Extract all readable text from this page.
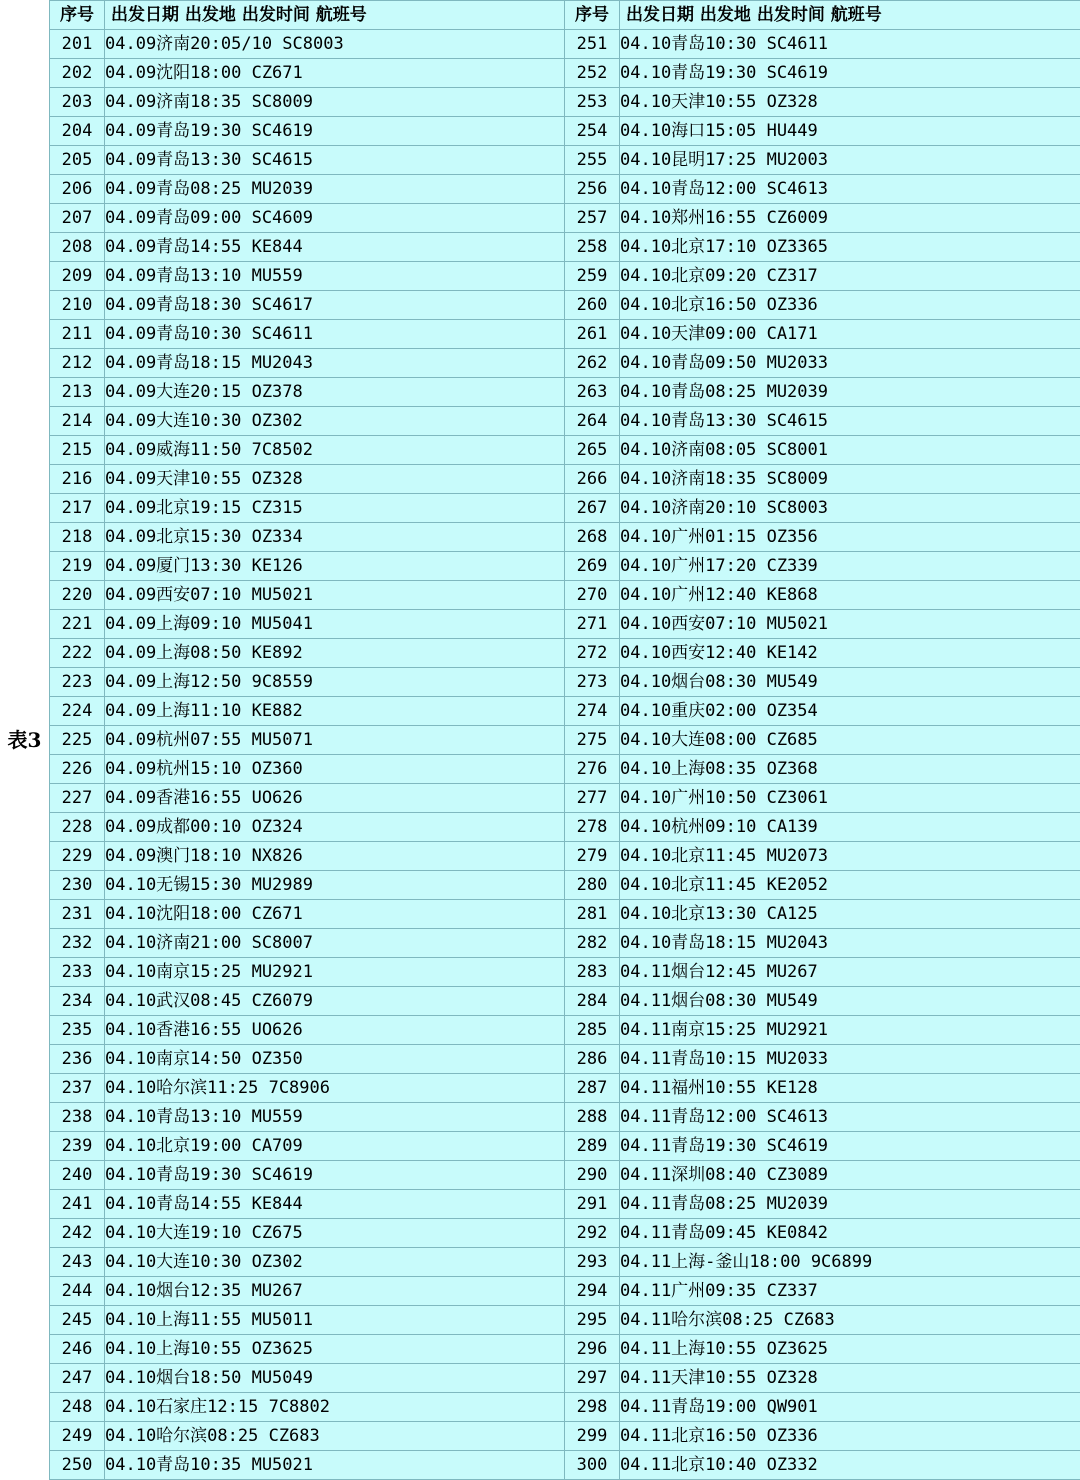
表3
序号	出发日期 出发地 出发时间 航班号	序号	出发日期 出发地 出发时间 航班号
201	04.09济南20:05/10 SC8003	251	04.10青岛10:30 SC4611
202	04.09沈阳18:00 CZ671	252	04.10青岛19:30 SC4619
203	04.09济南18:35 SC8009	253	04.10天津10:55 OZ328
204	04.09青岛19:30 SC4619	254	04.10海口15:05 HU449
205	04.09青岛13:30 SC4615	255	04.10昆明17:25 MU2003
206	04.09青岛08:25 MU2039	256	04.10青岛12:00 SC4613
207	04.09青岛09:00 SC4609	257	04.10郑州16:55 CZ6009
208	04.09青岛14:55 KE844	258	04.10北京17:10 OZ3365
209	04.09青岛13:10 MU559	259	04.10北京09:20 CZ317
210	04.09青岛18:30 SC4617	260	04.10北京16:50 OZ336
211	04.09青岛10:30 SC4611	261	04.10天津09:00 CA171
212	04.09青岛18:15 MU2043	262	04.10青岛09:50 MU2033
213	04.09大连20:15 OZ378	263	04.10青岛08:25 MU2039
214	04.09大连10:30 OZ302	264	04.10青岛13:30 SC4615
215	04.09威海11:50 7C8502	265	04.10济南08:05 SC8001
216	04.09天津10:55 OZ328	266	04.10济南18:35 SC8009
217	04.09北京19:15 CZ315	267	04.10济南20:10 SC8003
218	04.09北京15:30 OZ334	268	04.10广州01:15 OZ356
219	04.09厦门13:30 KE126	269	04.10广州17:20 CZ339
220	04.09西安07:10 MU5021	270	04.10广州12:40 KE868
221	04.09上海09:10 MU5041	271	04.10西安07:10 MU5021
222	04.09上海08:50 KE892	272	04.10西安12:40 KE142
223	04.09上海12:50 9C8559	273	04.10烟台08:30 MU549
224	04.09上海11:10 KE882	274	04.10重庆02:00 OZ354
225	04.09杭州07:55 MU5071	275	04.10大连08:00 CZ685
226	04.09杭州15:10 OZ360	276	04.10上海08:35 OZ368
227	04.09香港16:55 UO626	277	04.10广州10:50 CZ3061
228	04.09成都00:10 OZ324	278	04.10杭州09:10 CA139
229	04.09澳门18:10 NX826	279	04.10北京11:45 MU2073
230	04.10无锡15:30 MU2989	280	04.10北京11:45 KE2052
231	04.10沈阳18:00 CZ671	281	04.10北京13:30 CA125
232	04.10济南21:00 SC8007	282	04.10青岛18:15 MU2043
233	04.10南京15:25 MU2921	283	04.11烟台12:45 MU267
234	04.10武汉08:45 CZ6079	284	04.11烟台08:30 MU549
235	04.10香港16:55 UO626	285	04.11南京15:25 MU2921
236	04.10南京14:50 OZ350	286	04.11青岛10:15 MU2033
237	04.10哈尔滨11:25 7C8906	287	04.11福州10:55 KE128
238	04.10青岛13:10 MU559	288	04.11青岛12:00 SC4613
239	04.10北京19:00 CA709	289	04.11青岛19:30 SC4619
240	04.10青岛19:30 SC4619	290	04.11深圳08:40 CZ3089
241	04.10青岛14:55 KE844	291	04.11青岛08:25 MU2039
242	04.10大连19:10 CZ675	292	04.11青岛09:45 KE0842
243	04.10大连10:30 OZ302	293	04.11上海-釜山18:00 9C6899
244	04.10烟台12:35 MU267	294	04.11广州09:35 CZ337
245	04.10上海11:55 MU5011	295	04.11哈尔滨08:25 CZ683
246	04.10上海10:55 OZ3625	296	04.11上海10:55 OZ3625
247	04.10烟台18:50 MU5049	297	04.11天津10:55 OZ328
248	04.10石家庄12:15 7C8802	298	04.11青岛19:00 QW901
249	04.10哈尔滨08:25 CZ683	299	04.11北京16:50 OZ336
250	04.10青岛10:35 MU5021	300	04.11北京10:40 OZ332
